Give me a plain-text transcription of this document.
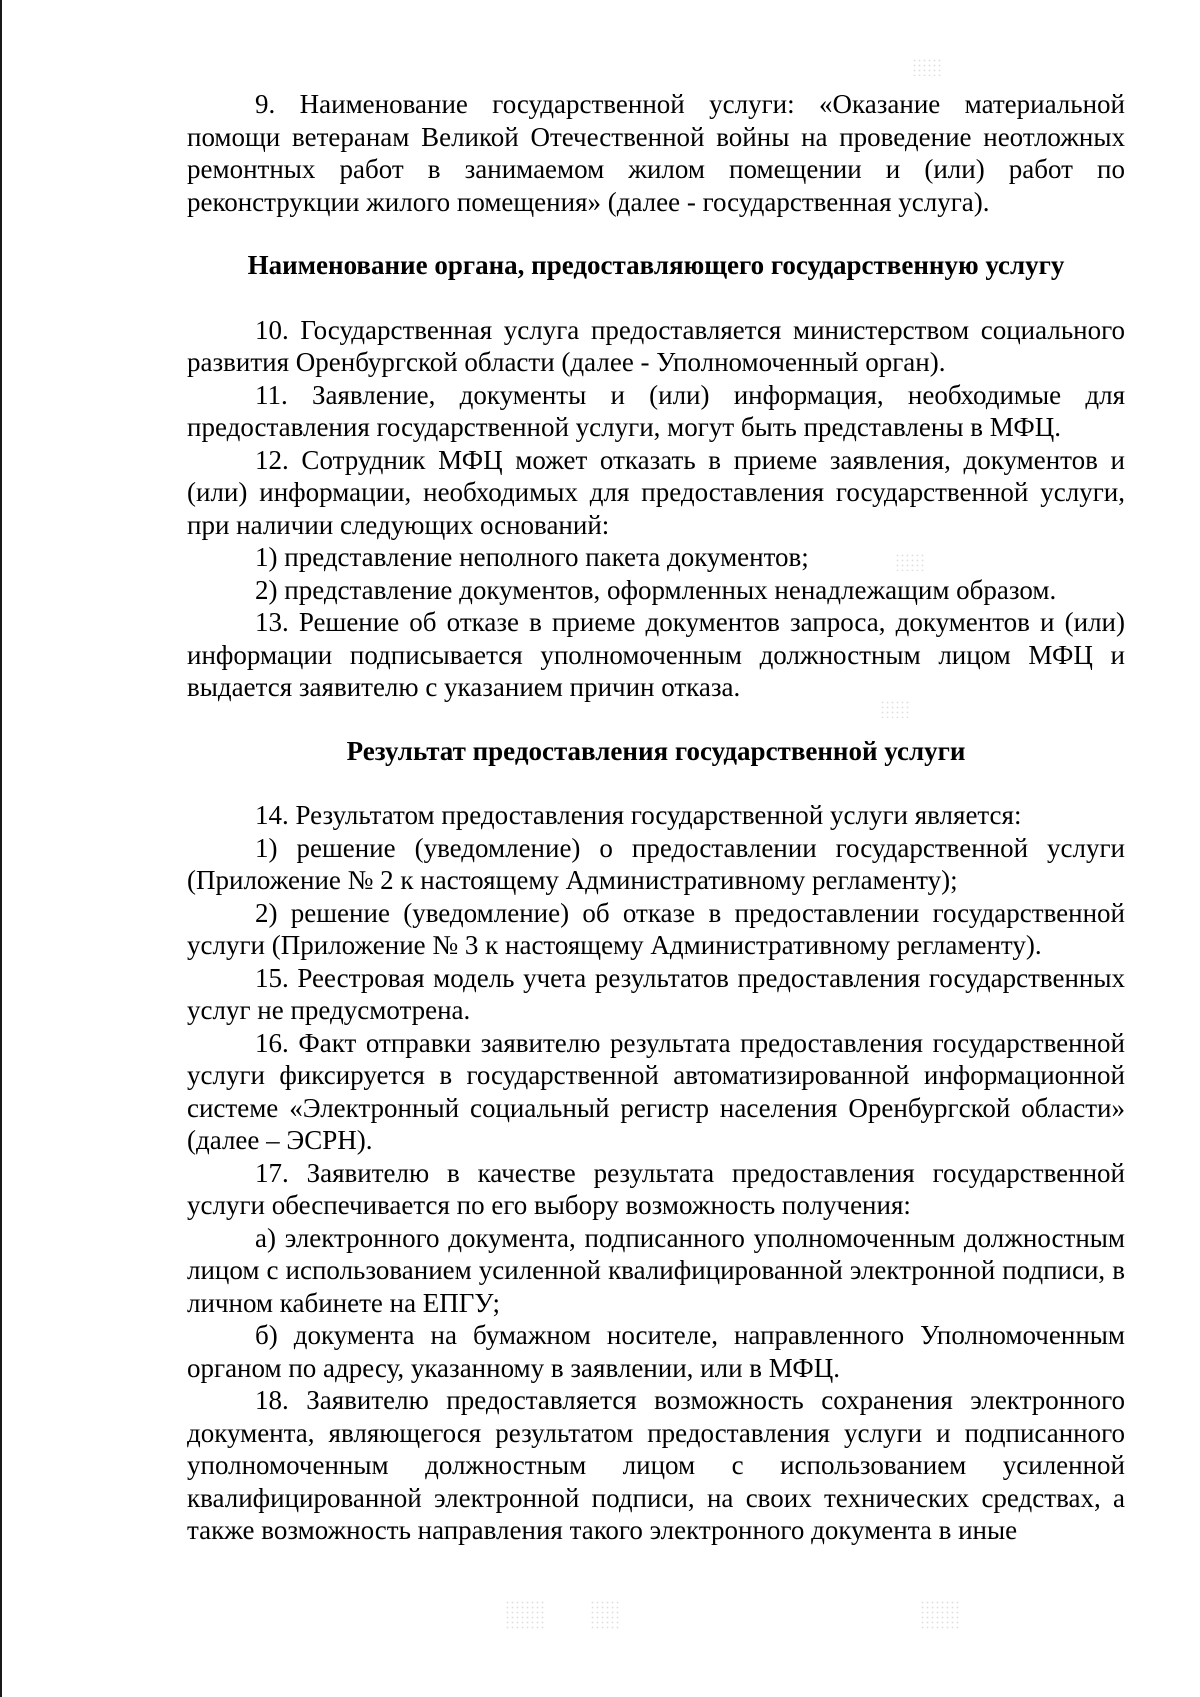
9. Наименование государственной услуги: «Оказание материальной помощи ветеранам Великой Отечественной войны на проведение неотложных ремонтных работ в занимаемом жилом помещении и (или) работ по реконструкции жилого помещения» (далее - государственная услуга).

Наименование органа, предоставляющего государственную услугу

10. Государственная услуга предоставляется министерством социального развития Оренбургской области (далее - Уполномоченный орган).

11. Заявление, документы и (или) информация, необходимые для предоставления государственной услуги, могут быть представлены в МФЦ.

12. Сотрудник МФЦ может отказать в приеме заявления, документов и (или) информации, необходимых для предоставления государственной услуги, при наличии следующих оснований:

1) представление неполного пакета документов;

2) представление документов, оформленных ненадлежащим образом.

13. Решение об отказе в приеме документов запроса, документов и (или) информации подписывается уполномоченным должностным лицом МФЦ и выдается заявителю с указанием причин отказа.

Результат предоставления государственной услуги

14. Результатом предоставления государственной услуги является:

1) решение (уведомление) о предоставлении государственной услуги (Приложение № 2 к настоящему Административному регламенту);

2) решение (уведомление) об отказе в предоставлении государственной услуги (Приложение № 3 к настоящему Административному регламенту).

15. Реестровая модель учета результатов предоставления государственных услуг не предусмотрена.

16. Факт отправки заявителю результата предоставления государственной услуги фиксируется в государственной автоматизированной информационной системе «Электронный социальный регистр населения Оренбургской области» (далее – ЭСРН).

17. Заявителю в качестве результата предоставления государственной услуги обеспечивается по его выбору возможность получения:

а) электронного документа, подписанного уполномоченным должностным лицом с использованием усиленной квалифицированной электронной подписи, в личном кабинете на ЕПГУ;

б) документа на бумажном носителе, направленного Уполномоченным органом по адресу, указанному в заявлении, или в МФЦ.

18. Заявителю предоставляется возможность сохранения электронного документа, являющегося результатом предоставления услуги и подписанного уполномоченным должностным лицом с использованием усиленной квалифицированной электронной подписи, на своих технических средствах, а также возможность направления такого электронного документа в иные
